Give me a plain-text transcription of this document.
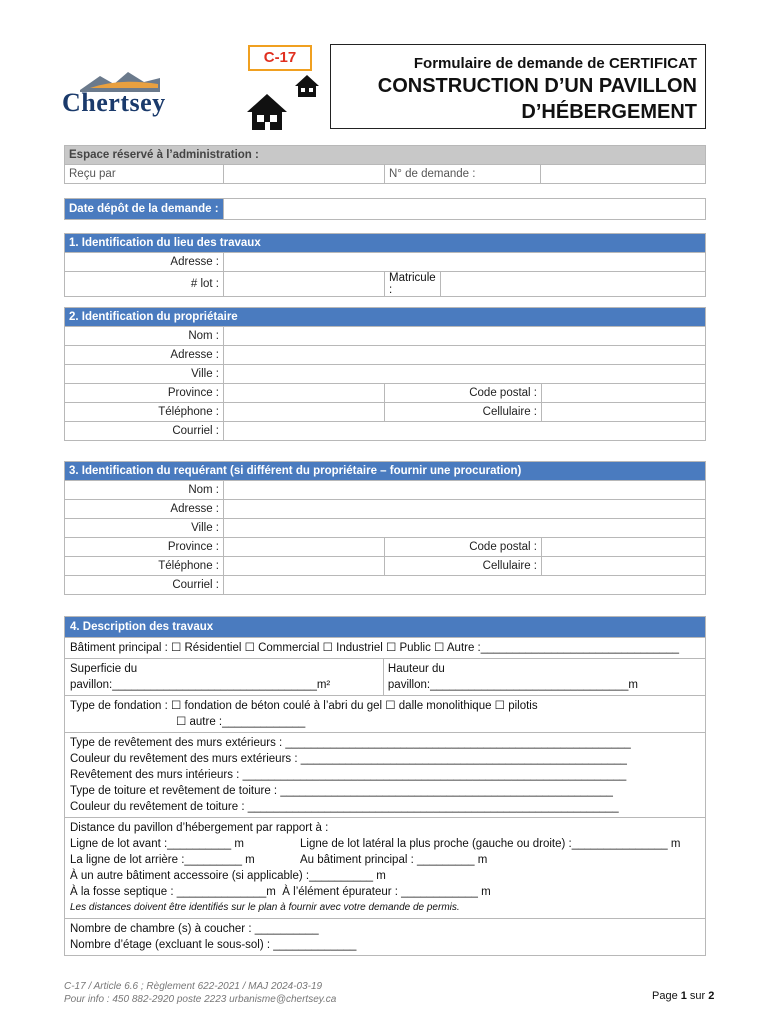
Chertsey
C-17	Formulaire de demande de CERTIFICAT
CONSTRUCTION D’UN PAVILLON
D’HÉBERGEMENT
Espace réservé à l’administration :
Reçu par		N° de demande :	
Date dépôt de la demande :	
1. Identification du lieu des travaux			
Adresse :			
# lot :		Matricule :	
2. Identification du propriétaire			
Nom :			
Adresse :			
Ville :			
Province :		Code postal :	
Téléphone :		Cellulaire :	
Courriel :			
3. Identification du requérant (si différent du propriétaire – fournir une procuration)			
Nom :			
Adresse :			
Ville :			
Province :		Code postal :	
Téléphone :		Cellulaire :	
Courriel :			
4. Description des travaux
Bâtiment principal : ☐ Résidentiel ☐ Commercial ☐ Industriel ☐ Public ☐ Autre :_______________________________
Superficie du pavillon:________________________________m²
Hauteur du pavillon:_______________________________m
Type de fondation : ☐ fondation de béton coulé à l’abri du gel ☐ dalle monolithique ☐ pilotis
☐ autre :_____________
Type de revêtement des murs extérieurs : ______________________________________________________
Couleur du revêtement des murs extérieurs : ___________________________________________________
Revêtement des murs intérieurs : ____________________________________________________________
Type de toiture et revêtement de toiture : ____________________________________________________
Couleur du revêtement de toiture : __________________________________________________________
Distance du pavillon d’hébergement par rapport à :
Ligne de lot avant :__________ m	Ligne de lot latéral la plus proche (gauche ou droite) :_______________ m
La ligne de lot arrière :_________ m	Au bâtiment principal : _________ m
À un autre bâtiment accessoire (si applicable) :__________ m
À la fosse septique : ______________m À l’élément épurateur : ____________ m
Les distances doivent être identifiés sur le plan à fournir avec votre demande de permis.
Nombre de chambre (s) à coucher : __________
Nombre d’étage (excluant le sous-sol) : _____________
C-17 / Article 6.6 ; Règlement 622-2021 / MAJ 2024-03-19
Pour info : 450 882-2920 poste 2223 urbanisme@chertsey.ca	Page 1 sur 2
